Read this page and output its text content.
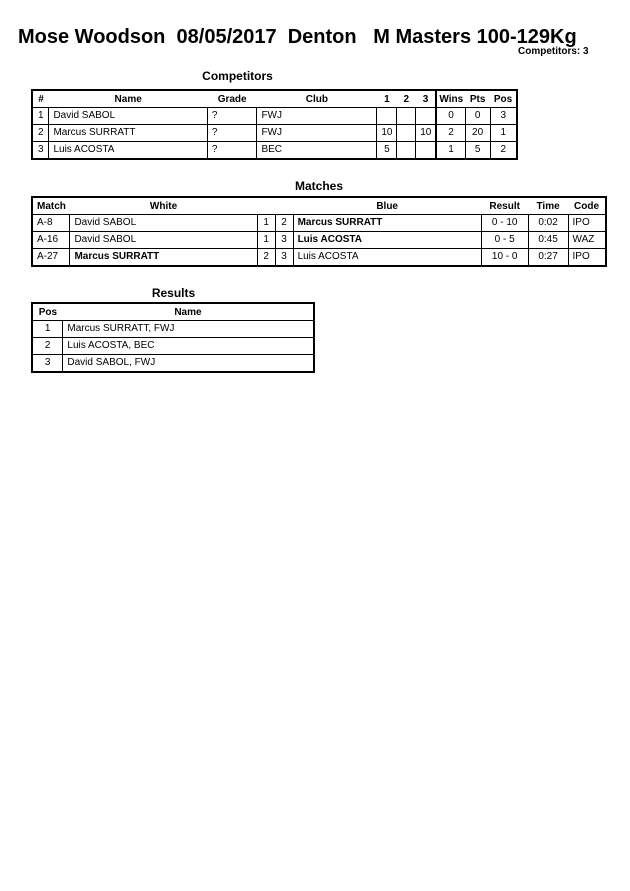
Mose Woodson  08/05/2017  Denton   M Masters 100-129Kg
Competitors: 3
Competitors
#	Name	Grade	Club	1	2	3	Wins	Pts	Pos
1	David SABOL	?	FWJ				0	0	3
2	Marcus SURRATT	?	FWJ	10		10	2	20	1
3	Luis ACOSTA	?	BEC	5			1	5	2
Matches
Match	White			Blue	Result	Time	Code
A-8	David SABOL	1	2	Marcus SURRATT	0 - 10	0:02	IPO
A-16	David SABOL	1	3	Luis ACOSTA	0 - 5	0:45	WAZ
A-27	Marcus SURRATT	2	3	Luis ACOSTA	10 - 0	0:27	IPO
Results
Pos	Name
1	Marcus SURRATT, FWJ
2	Luis ACOSTA, BEC
3	David SABOL, FWJ
